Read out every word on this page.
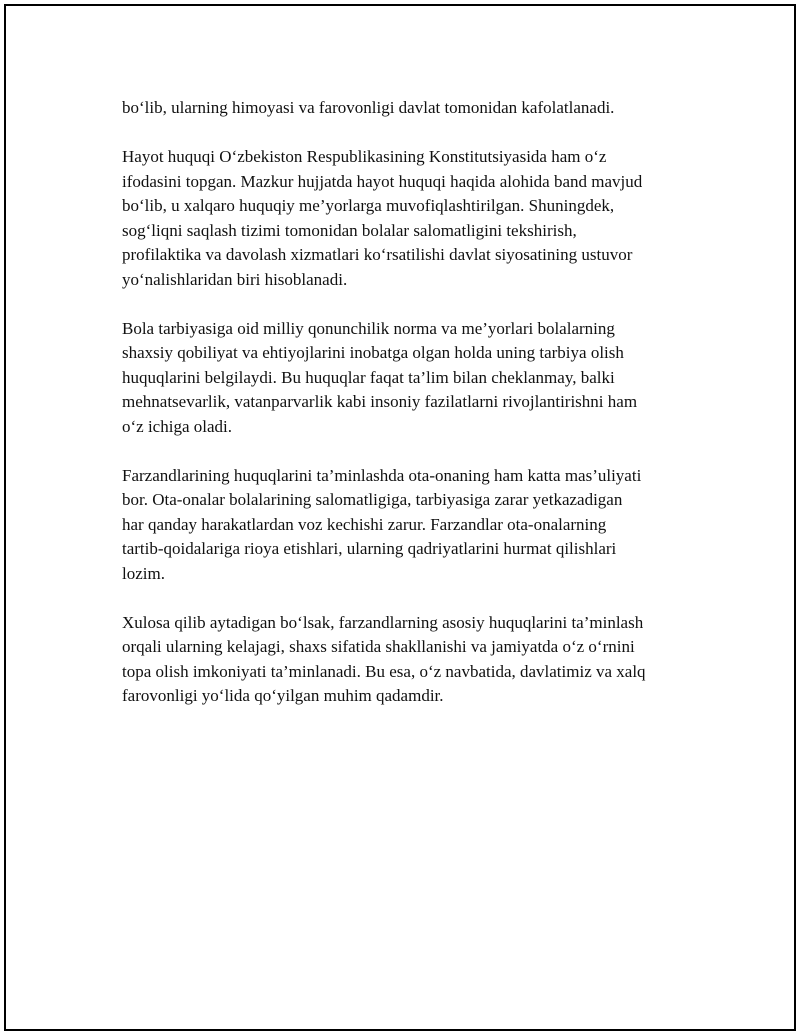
bo‘lib, ularning himoyasi va farovonligi davlat tomonidan kafolatlanadi.

Hayot huquqi O‘zbekiston Respublikasining Konstitutsiyasida ham o‘z
ifodasini topgan. Mazkur hujjatda hayot huquqi haqida alohida band mavjud
bo‘lib, u xalqaro huquqiy me’yorlarga muvofiqlashtirilgan. Shuningdek,
sog‘liqni saqlash tizimi tomonidan bolalar salomatligini tekshirish,
profilaktika va davolash xizmatlari ko‘rsatilishi davlat siyosatining ustuvor
yo‘nalishlaridan biri hisoblanadi.

Bola tarbiyasiga oid milliy qonunchilik norma va me’yorlari bolalarning
shaxsiy qobiliyat va ehtiyojlarini inobatga olgan holda uning tarbiya olish
huquqlarini belgilaydi. Bu huquqlar faqat ta’lim bilan cheklanmay, balki
mehnatsevarlik, vatanparvarlik kabi insoniy fazilatlarni rivojlantirishni ham
o‘z ichiga oladi.

Farzandlarining huquqlarini ta’minlashda ota-onaning ham katta mas’uliyati
bor. Ota-onalar bolalarining salomatligiga, tarbiyasiga zarar yetkazadigan
har qanday harakatlardan voz kechishi zarur. Farzandlar ota-onalarning
tartib-qoidalariga rioya etishlari, ularning qadriyatlarini hurmat qilishlari
lozim.

Xulosa qilib aytadigan bo‘lsak, farzandlarning asosiy huquqlarini ta’minlash
orqali ularning kelajagi, shaxs sifatida shakllanishi va jamiyatda o‘z o‘rnini
topa olish imkoniyati ta’minlanadi. Bu esa, o‘z navbatida, davlatimiz va xalq
farovonligi yo‘lida qo‘yilgan muhim qadamdir.
